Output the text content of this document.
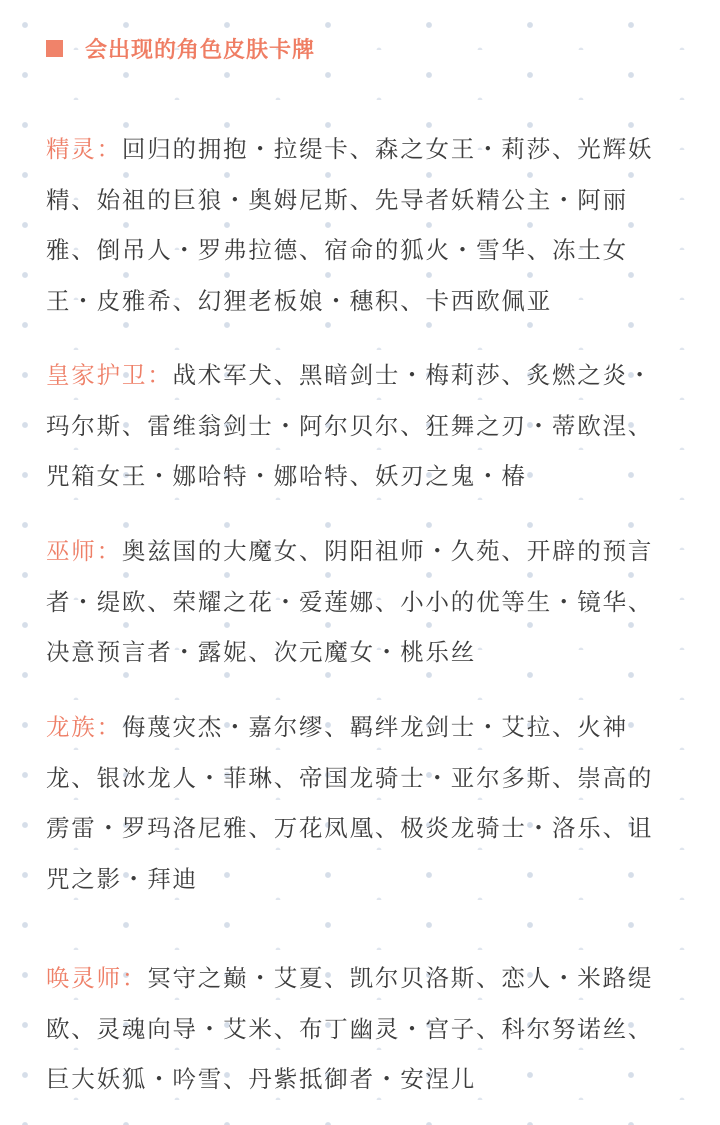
会出现的角色皮肤卡牌

精灵：回归的拥抱・拉缇卡、森之女王・莉莎、光辉妖精、始祖的巨狼・奥姆尼斯、先导者妖精公主・阿丽雅、倒吊人・罗弗拉德、宿命的狐火・雪华、冻土女王・皮雅希、幻狸老板娘・穗积、卡西欧佩亚

皇家护卫：战术军犬、黑暗剑士・梅莉莎、炙燃之炎・玛尔斯、雷维翁剑士・阿尔贝尔、狂舞之刃・蒂欧涅、咒箱女王・娜哈特・娜哈特、妖刃之鬼・椿

巫师：奥兹国的大魔女、阴阳祖师・久苑、开辟的预言者・缇欧、荣耀之花・爱莲娜、小小的优等生・镜华、决意预言者・露妮、次元魔女・桃乐丝

龙族：侮蔑灾杰・嘉尔缪、羁绊龙剑士・艾拉、火神龙、银冰龙人・菲琳、帝国龙骑士・亚尔多斯、崇高的雳雷・罗玛洛尼雅、万花凤凰、极炎龙骑士・洛乐、诅咒之影・拜迪

唤灵师：冥守之巅・艾夏、凯尔贝洛斯、恋人・米路缇欧、灵魂向导・艾米、布丁幽灵・宫子、科尔努诺丝、巨大妖狐・吟雪、丹紫抵御者・安涅儿
